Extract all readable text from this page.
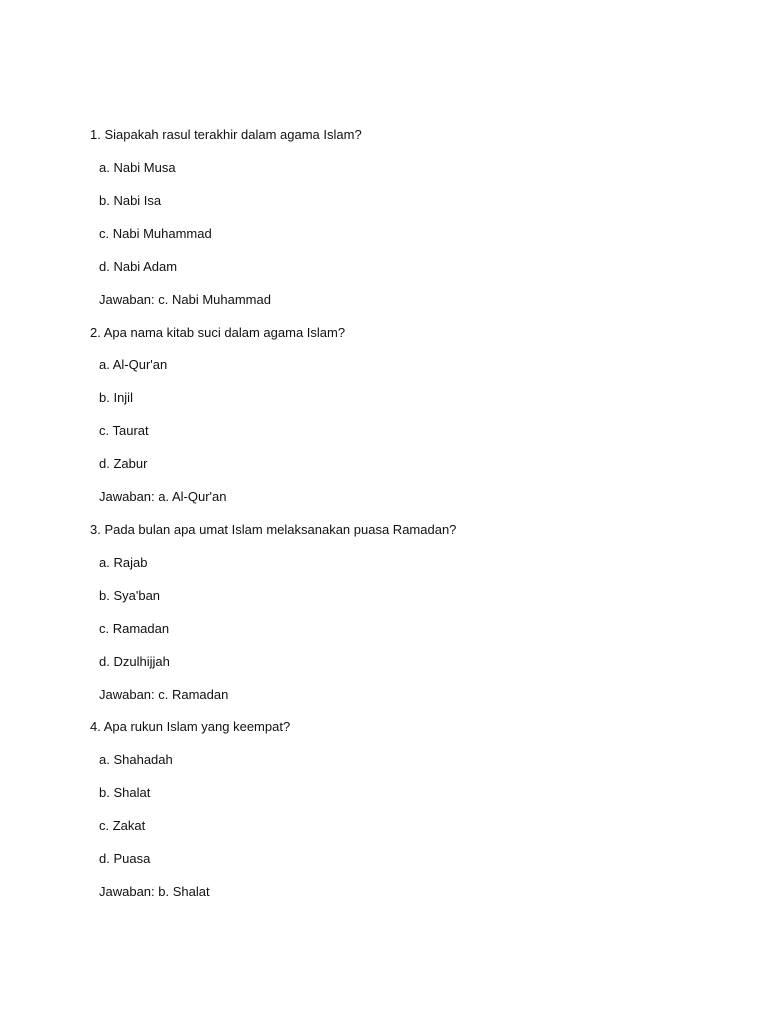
1. Siapakah rasul terakhir dalam agama Islam?
a. Nabi Musa
b. Nabi Isa
c. Nabi Muhammad
d. Nabi Adam
Jawaban: c. Nabi Muhammad
2. Apa nama kitab suci dalam agama Islam?
a. Al-Qur'an
b. Injil
c. Taurat
d. Zabur
Jawaban: a. Al-Qur'an
3. Pada bulan apa umat Islam melaksanakan puasa Ramadan?
a. Rajab
b. Sya'ban
c. Ramadan
d. Dzulhijjah
Jawaban: c. Ramadan
4. Apa rukun Islam yang keempat?
a. Shahadah
b. Shalat
c. Zakat
d. Puasa
Jawaban: b. Shalat
